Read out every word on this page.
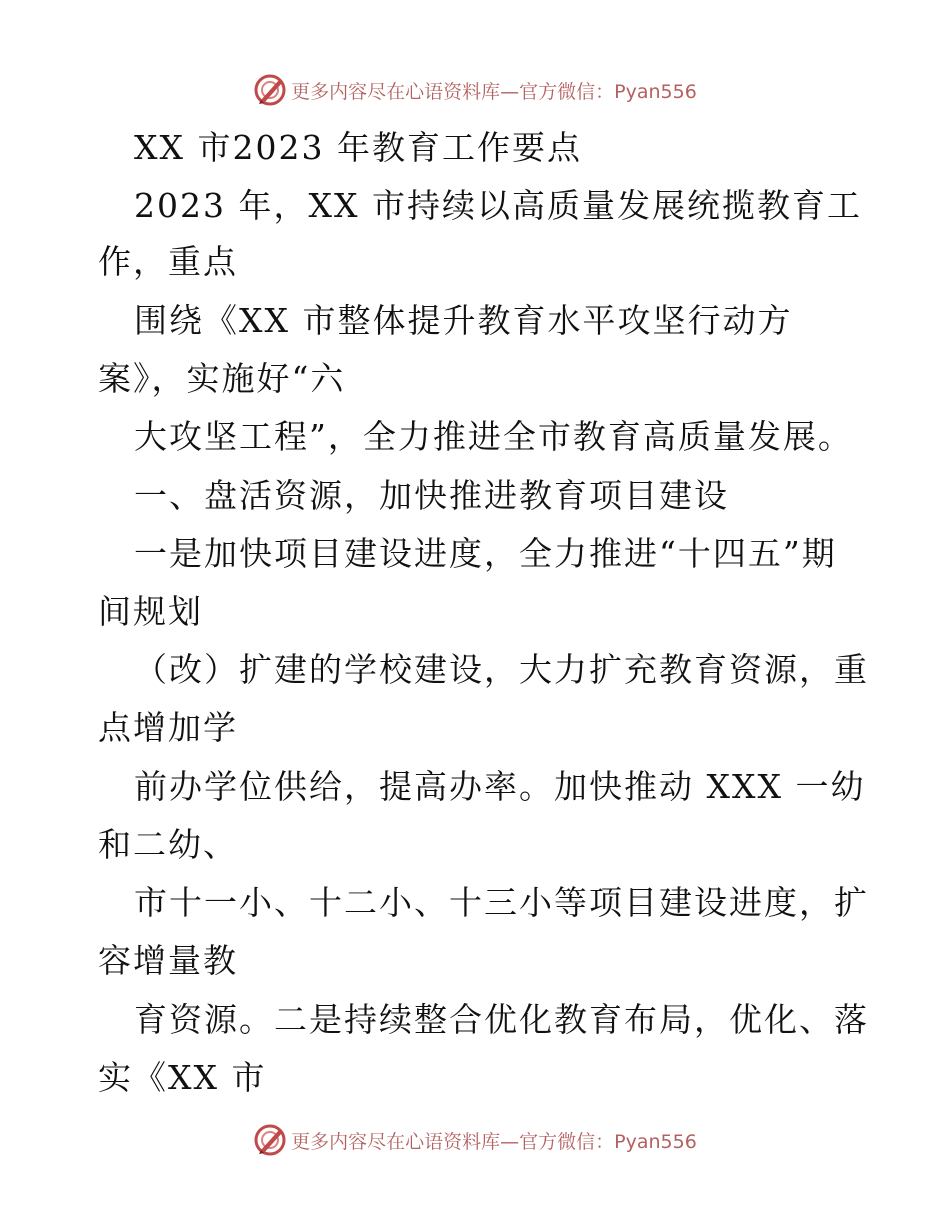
更多内容尽在心语资料库—官方微信：Pyan556
XX 市2023 年教育工作要点
2023 年，XX 市持续以高质量发展统揽教育工
作，重点
围绕《XX 市整体提升教育水平攻坚行动方
案》，实施好“六
大攻坚工程”，全力推进全市教育高质量发展。
一、盘活资源，加快推进教育项目建设
一是加快项目建设进度，全力推进“十四五”期
间规划
（改）扩建的学校建设，大力扩充教育资源，重
点增加学
前办学位供给，提高办率。加快推动 XXX 一幼
和二幼、
市十一小、十二小、十三小等项目建设进度，扩
容增量教
育资源。二是持续整合优化教育布局，优化、落
实《XX 市
更多内容尽在心语资料库—官方微信：Pyan556
